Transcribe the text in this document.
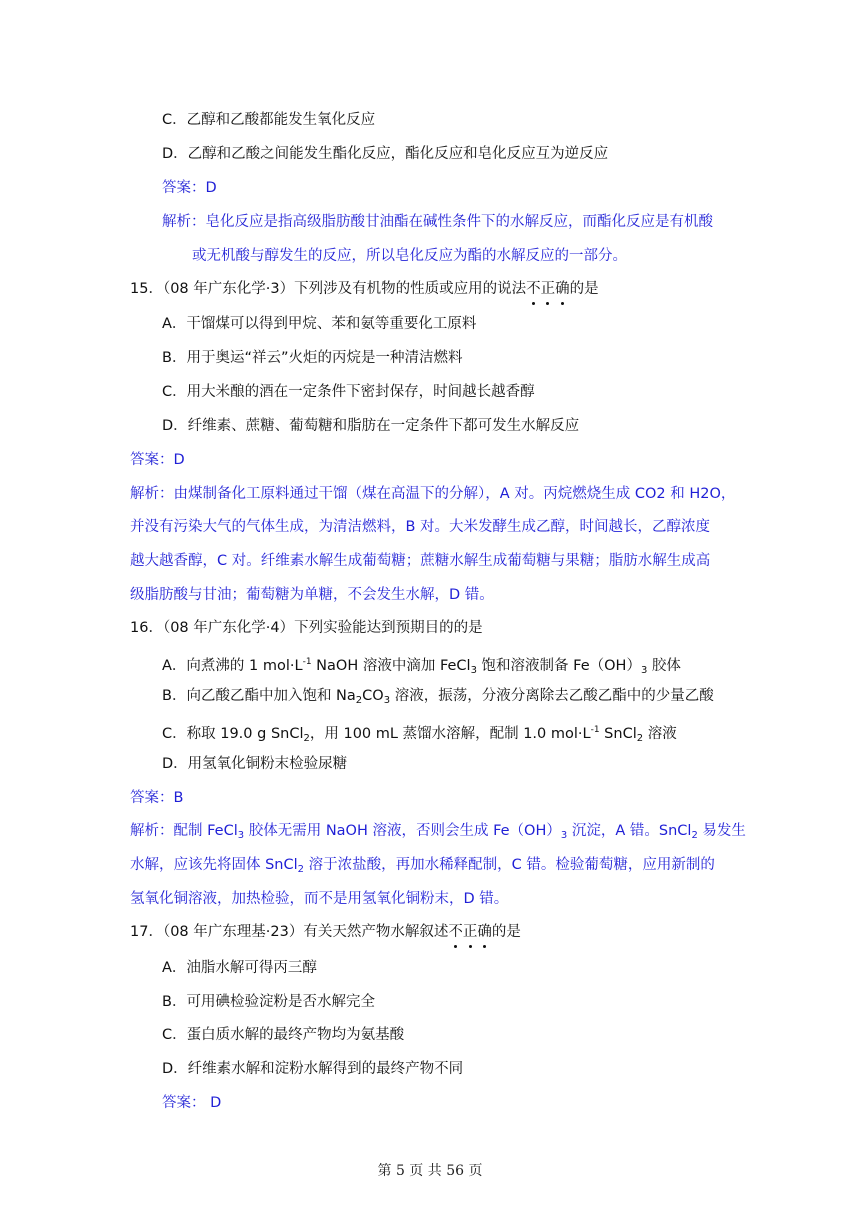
C．乙醇和乙酸都能发生氧化反应
D．乙醇和乙酸之间能发生酯化反应，酯化反应和皂化反应互为逆反应
答案：D
解析：皂化反应是指高级脂肪酸甘油酯在碱性条件下的水解反应，而酯化反应是有机酸
或无机酸与醇发生的反应，所以皂化反应为酯的水解反应的一部分。
15．（08 年广东化学·3）下列涉及有机物的性质或应用的说法不正确的是
A．干馏煤可以得到甲烷、苯和氨等重要化工原料
B．用于奥运“祥云”火炬的丙烷是一种清洁燃料
C．用大米酿的酒在一定条件下密封保存，时间越长越香醇
D．纤维素、蔗糖、葡萄糖和脂肪在一定条件下都可发生水解反应
答案：D
解析：由煤制备化工原料通过干馏（煤在高温下的分解），A 对。丙烷燃烧生成 CO2 和 H2O，
并没有污染大气的气体生成，为清洁燃料，B 对。大米发酵生成乙醇，时间越长，乙醇浓度
越大越香醇，C 对。纤维素水解生成葡萄糖；蔗糖水解生成葡萄糖与果糖；脂肪水解生成高
级脂肪酸与甘油；葡萄糖为单糖，不会发生水解，D 错。
16．（08 年广东化学·4）下列实验能达到预期目的的是
A．向煮沸的 1 $mol\cdot L^{-1}$ NaOH 溶液中滴加 FeCl$_3$ 饱和溶液制备 $Fe(OH)_3$ 胶体
B．向乙酸乙酯中加入饱和 $Na_2CO_3$ 溶液，振荡，分液分离除去乙酸乙酯中的少量乙酸
C．称取 19.0 g SnCl$_2$，用 100 mL 蒸馏水溶解，配制 1.0 $mol\cdot L^{-1}$ SnCl$_2$ 溶液
D．用氢氧化铜粉末检验尿糖
答案：B
解析：配制 FeCl$_3$ 胶体无需用 NaOH 溶液，否则会生成 $Fe(OH)_3$ 沉淀，A 错。SnCl$_2$ 易发生
水解，应该先将固体 SnCl$_2$ 溶于浓盐酸，再加水稀释配制，C 错。检验葡萄糖，应用新制的
氢氧化铜溶液，加热检验，而不是用氢氧化铜粉末，D 错。
17．（08 年广东理基·23）有关天然产物水解叙述不正确的是
A．油脂水解可得丙三醇
B．可用碘检验淀粉是否水解完全
C．蛋白质水解的最终产物均为氨基酸
D．纤维素水解和淀粉水解得到的最终产物不同
答案： D
第 5 页 共 56 页
